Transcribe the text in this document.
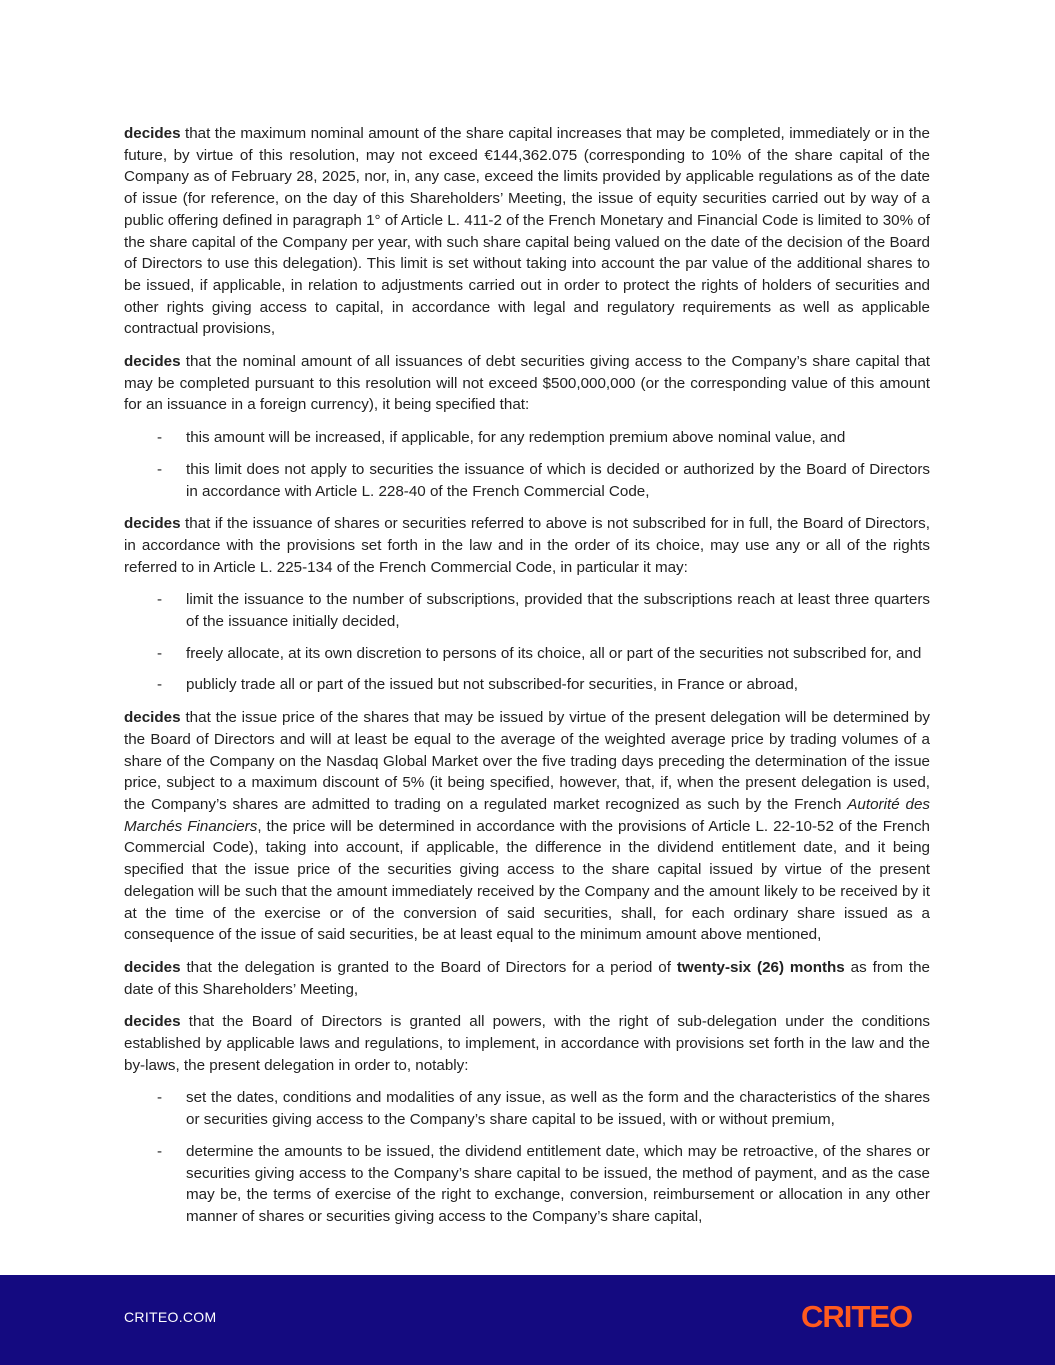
decides that the maximum nominal amount of the share capital increases that may be completed, immediately or in the future, by virtue of this resolution, may not exceed €144,362.075 (corresponding to 10% of the share capital of the Company as of February 28, 2025, nor, in, any case, exceed the limits provided by applicable regulations as of the date of issue (for reference, on the day of this Shareholders’ Meeting, the issue of equity securities carried out by way of a public offering defined in paragraph 1° of Article L. 411-2 of the French Monetary and Financial Code is limited to 30% of the share capital of the Company per year, with such share capital being valued on the date of the decision of the Board of Directors to use this delegation). This limit is set without taking into account the par value of the additional shares to be issued, if applicable, in relation to adjustments carried out in order to protect the rights of holders of securities and other rights giving access to capital, in accordance with legal and regulatory requirements as well as applicable contractual provisions,

decides that the nominal amount of all issuances of debt securities giving access to the Company’s share capital that may be completed pursuant to this resolution will not exceed $500,000,000 (or the corresponding value of this amount for an issuance in a foreign currency), it being specified that:

- this amount will be increased, if applicable, for any redemption premium above nominal value, and
- this limit does not apply to securities the issuance of which is decided or authorized by the Board of Directors in accordance with Article L. 228-40 of the French Commercial Code,

decides that if the issuance of shares or securities referred to above is not subscribed for in full, the Board of Directors, in accordance with the provisions set forth in the law and in the order of its choice, may use any or all of the rights referred to in Article L. 225-134 of the French Commercial Code, in particular it may:

- limit the issuance to the number of subscriptions, provided that the subscriptions reach at least three quarters of the issuance initially decided,
- freely allocate, at its own discretion to persons of its choice, all or part of the securities not subscribed for, and
- publicly trade all or part of the issued but not subscribed-for securities, in France or abroad,

decides that the issue price of the shares that may be issued by virtue of the present delegation will be determined by the Board of Directors and will at least be equal to the average of the weighted average price by trading volumes of a share of the Company on the Nasdaq Global Market over the five trading days preceding the determination of the issue price, subject to a maximum discount of 5% (it being specified, however, that, if, when the present delegation is used, the Company’s shares are admitted to trading on a regulated market recognized as such by the French Autorité des Marchés Financiers, the price will be determined in accordance with the provisions of Article L. 22-10-52 of the French Commercial Code), taking into account, if applicable, the difference in the dividend entitlement date, and it being specified that the issue price of the securities giving access to the share capital issued by virtue of the present delegation will be such that the amount immediately received by the Company and the amount likely to be received by it at the time of the exercise or of the conversion of said securities, shall, for each ordinary share issued as a consequence of the issue of said securities, be at least equal to the minimum amount above mentioned,

decides that the delegation is granted to the Board of Directors for a period of twenty-six (26) months as from the date of this Shareholders’ Meeting,

decides that the Board of Directors is granted all powers, with the right of sub-delegation under the conditions established by applicable laws and regulations, to implement, in accordance with provisions set forth in the law and the by-laws, the present delegation in order to, notably:

- set the dates, conditions and modalities of any issue, as well as the form and the characteristics of the shares or securities giving access to the Company’s share capital to be issued, with or without premium,
- determine the amounts to be issued, the dividend entitlement date, which may be retroactive, of the shares or securities giving access to the Company’s share capital to be issued, the method of payment, and as the case may be, the terms of exercise of the right to exchange, conversion, reimbursement or allocation in any other manner of shares or securities giving access to the Company’s share capital,
CRITEO.COM	CRITEO
